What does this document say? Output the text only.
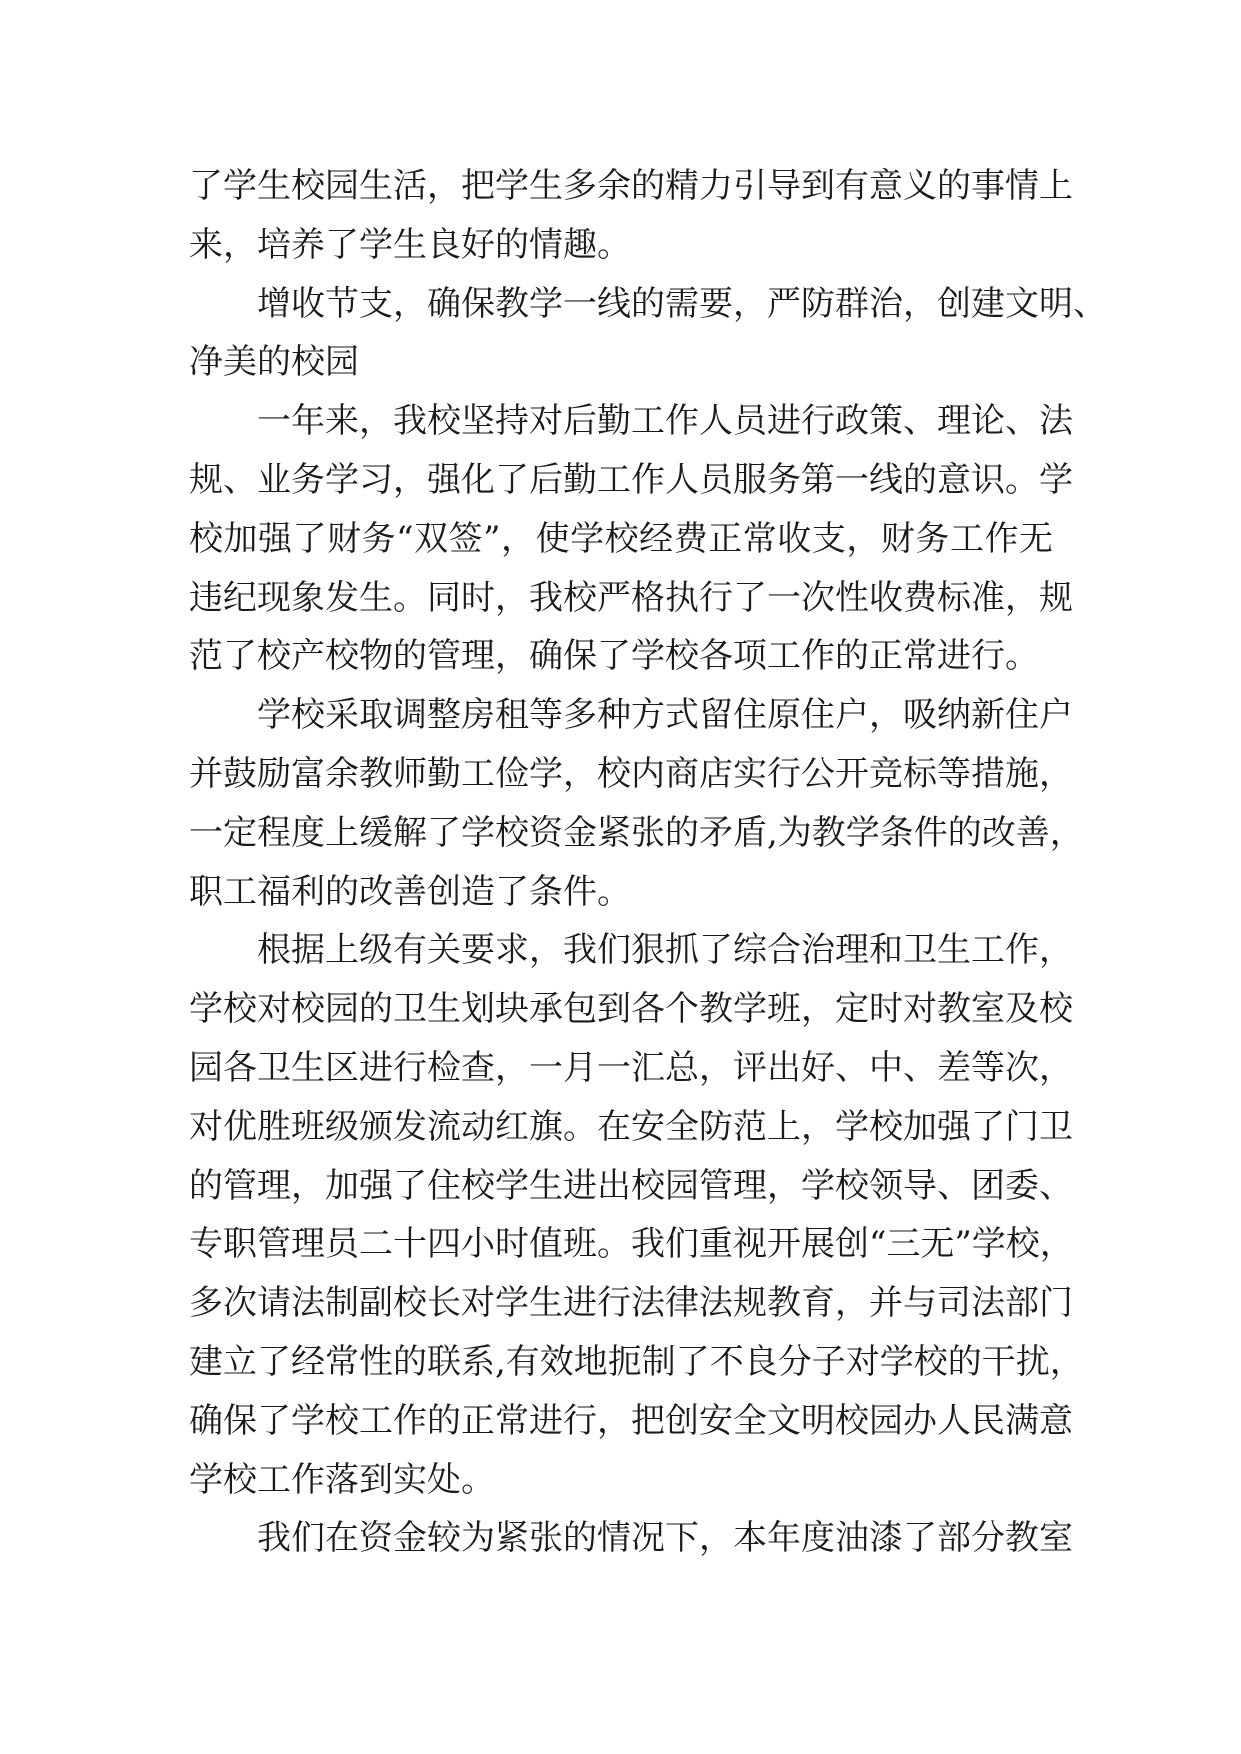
了学生校园生活，把学生多余的精力引导到有意义的事情上
来，培养了学生良好的情趣。
增收节支，确保教学一线的需要，严防群治，创建文明、
净美的校园
一年来，我校坚持对后勤工作人员进行政策、理论、法
规、业务学习，强化了后勤工作人员服务第一线的意识。学
校加强了财务“双签”，使学校经费正常收支，财务工作无
违纪现象发生。同时，我校严格执行了一次性收费标准，规
范了校产校物的管理，确保了学校各项工作的正常进行。
学校采取调整房租等多种方式留住原住户，吸纳新住户
并鼓励富余教师勤工俭学，校内商店实行公开竞标等措施，
一定程度上缓解了学校资金紧张的矛盾,为教学条件的改善，
职工福利的改善创造了条件。
根据上级有关要求，我们狠抓了综合治理和卫生工作，
学校对校园的卫生划块承包到各个教学班，定时对教室及校
园各卫生区进行检查，一月一汇总，评出好、中、差等次，
对优胜班级颁发流动红旗。在安全防范上，学校加强了门卫
的管理，加强了住校学生进出校园管理，学校领导、团委、
专职管理员二十四小时值班。我们重视开展创“三无”学校，
多次请法制副校长对学生进行法律法规教育，并与司法部门
建立了经常性的联系,有效地扼制了不良分子对学校的干扰，
确保了学校工作的正常进行，把创安全文明校园办人民满意
学校工作落到实处。
我们在资金较为紧张的情况下，本年度油漆了部分教室
